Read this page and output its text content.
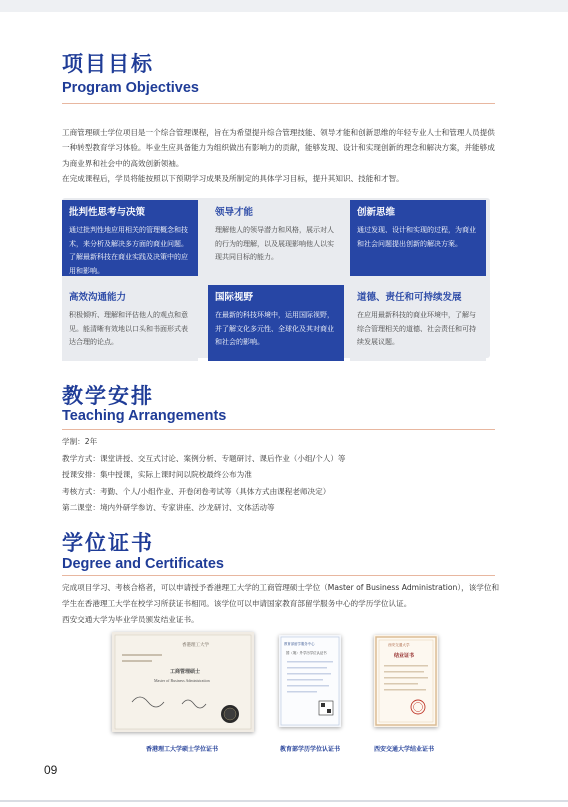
项目目标
Program Objectives

工商管理硕士学位项目是一个综合管理课程，旨在为希望提升综合管理技能、领导才能和创新思维的年轻专业人士和管理人员提供一种转型教育学习体验。毕业生应具备能力为组织做出有影响力的贡献，能够发现、设计和实现创新的理念和解决方案，并能够成为商业界和社会中的高效创新领袖。

在完成课程后，学员将能按照以下预期学习成果及所制定的具体学习目标，提升其知识、技能和才智。

批判性思考与决策
通过批判性地应用相关的管理概念和技术，来分析及解决多方面的商业问题。了解最新科技在商业实践及决策中的应用和影响。
领导才能
理解他人的领导潜力和风格，展示对人的行为的理解，以及展现影响他人以实现共同目标的能力。
创新思维
通过发现、设计和实现的过程，为商业和社会问题提出创新的解决方案。
高效沟通能力
积极倾听、理解和评估他人的观点和意见。能清晰有效地以口头和书面形式表达合理的论点。
国际视野
在最新的科技环境中，运用国际视野，并了解文化多元性、全球化及其对商业和社会的影响。
道德、责任和可持续发展
在应用最新科技的商业环境中，了解与综合管理相关的道德、社会责任和可持续发展议题。
教学安排
Teaching Arrangements
学制：2年
教学方式：课堂讲授、交互式讨论、案例分析、专题研讨、课后作业（小组/个人）等
授课安排：集中授课，实际上课时间以院校最终公布为准
考核方式：考勤、个人/小组作业、开卷闭卷考试等（具体方式由课程老师决定）
第二课堂：境内外研学参访、专家讲座、沙龙研讨、文体活动等
学位证书
Degree and Certificates

完成项目学习、考核合格者，可以申请授予香港理工大学的工商管理硕士学位（Master of Business Administration），该学位和学生在香港理工大学在校学习所获证书相同。该学位可以申请国家教育部留学服务中心的学历学位认证。

西安交通大学为毕业学员颁发结业证书。

香港理工大学
工商管理硕士
Master of Business Administration
香港理工大学硕士学位证书
教育部留学服务中心
国（境）外学历学位认证书
教育部学历学位认证书
西安交通大学
结业证书
西安交通大学结业证书
09
